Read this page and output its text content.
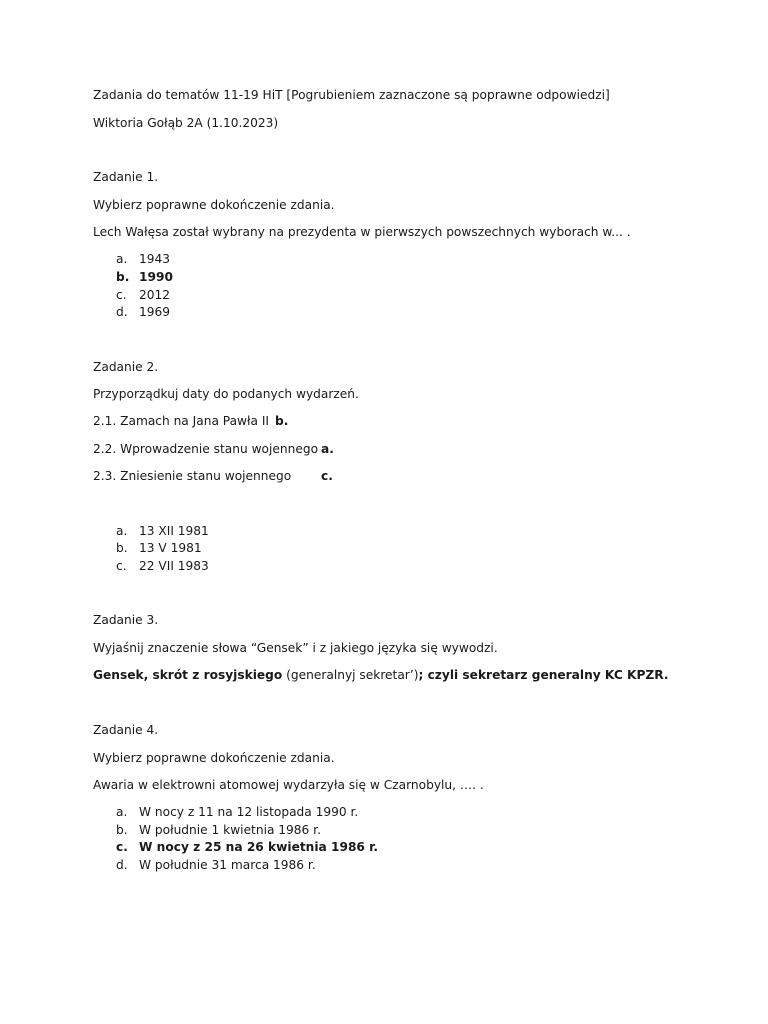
Zadania do tematów 11-19 HiT [Pogrubieniem zaznaczone są poprawne odpowiedzi]
Wiktoria Gołąb 2A (1.10.2023)
Zadanie 1.
Wybierz poprawne dokończenie zdania.
Lech Wałęsa został wybrany na prezydenta w pierwszych powszechnych wyborach w... .
a. 1943
b. 1990
c. 2012
d. 1969
Zadanie 2.
Przyporządkuj daty do podanych wydarzeń.
2.1. Zamach na Jana Pawła II b.
2.2. Wprowadzenie stanu wojennego a.
2.3. Zniesienie stanu wojennego c.
a. 13 XII 1981
b. 13 V 1981
c. 22 VII 1983
Zadanie 3.
Wyjaśnij znaczenie słowa “Gensek” i z jakiego języka się wywodzi.
Gensek, skrót z rosyjskiego (generalnyj sekretar’); czyli sekretarz generalny KC KPZR.
Zadanie 4.
Wybierz poprawne dokończenie zdania.
Awaria w elektrowni atomowej wydarzyła się w Czarnobylu, …. .
a. W nocy z 11 na 12 listopada 1990 r.
b. W południe 1 kwietnia 1986 r.
c. W nocy z 25 na 26 kwietnia 1986 r.
d. W południe 31 marca 1986 r.
